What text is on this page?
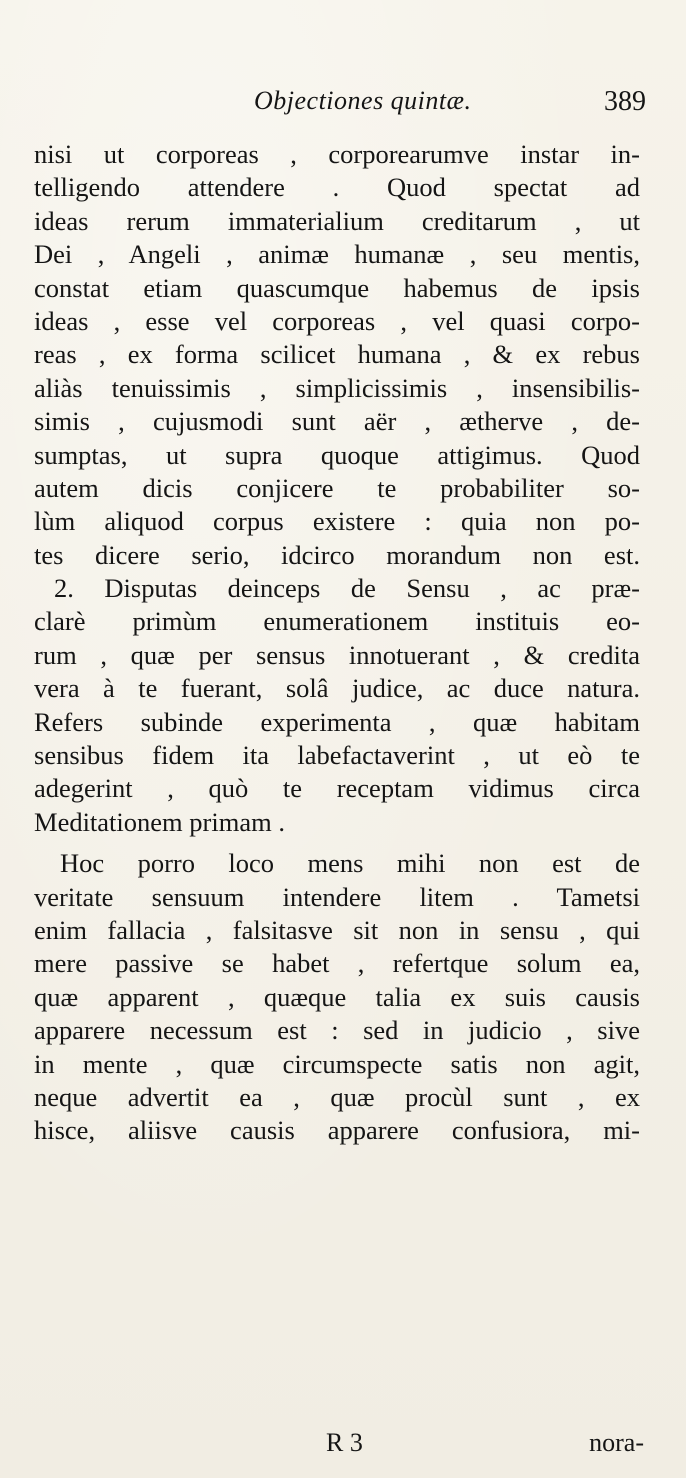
Objectiones quintæ.	389
nisi ut corporeas , corporearumve instar in-
telligendo attendere . Quod spectat ad
ideas rerum immaterialium creditarum , ut
Dei , Angeli , animæ humanæ , seu mentis,
constat etiam quascumque habemus de ipsis
ideas , esse vel corporeas , vel quasi corpo-
reas , ex forma scilicet humana , & ex rebus
aliàs tenuissimis , simplicissimis , insensibilis-
simis , cujusmodi sunt aër , ætherve , de-
sumptas, ut supra quoque attigimus. Quod
autem dicis conjicere te probabiliter so-
lùm aliquod corpus existere : quia non po-
tes dicere serio, idcirco morandum non est.
2. Disputas deinceps de Sensu , ac præ-
clarè primùm enumerationem instituis eo-
rum , quæ per sensus innotuerant , & credita
vera à te fuerant, solâ judice, ac duce natura.
Refers subinde experimenta , quæ habitam
sensibus fidem ita labefactaverint , ut eò te
adegerint , quò te receptam vidimus circa
Meditationem primam .
Hoc porro loco mens mihi non est de
veritate sensuum intendere litem . Tametsi
enim fallacia , falsitasve sit non in sensu , qui
mere passive se habet , refertque solum ea,
quæ apparent , quæque talia ex suis causis
apparere necessum est : sed in judicio , sive
in mente , quæ circumspecte satis non agit,
neque advertit ea , quæ procùl sunt , ex
hisce, aliisve causis apparere confusiora, mi-
R 3	nora-
